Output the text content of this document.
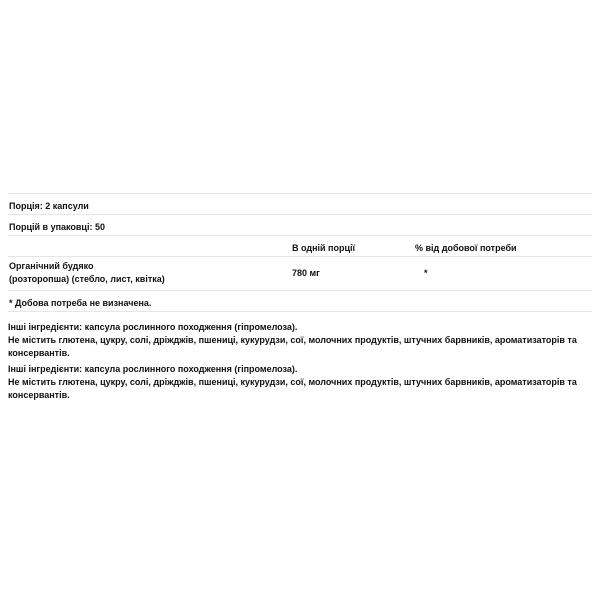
Порція: 2 капсули
Порцій в упаковці: 50
В одній порції	% від добової потреби
Органічний будяко
(розторопша) (стебло, лист, квітка)
780 мг	*
* Добова потреба не визначена.

Інші інгредієнти: капсула рослинного походження (гіпромелоза).
Не містить глютена, цукру, солі, дріжджів, пшениці, кукурудзи, сої, молочних продуктів, штучних барвників, ароматизаторів та консервантів.

Інші інгредієнти: капсула рослинного походження (гіпромелоза).
Не містить глютена, цукру, солі, дріжджів, пшениці, кукурудзи, сої, молочних продуктів, штучних барвників, ароматизаторів та консервантів.
